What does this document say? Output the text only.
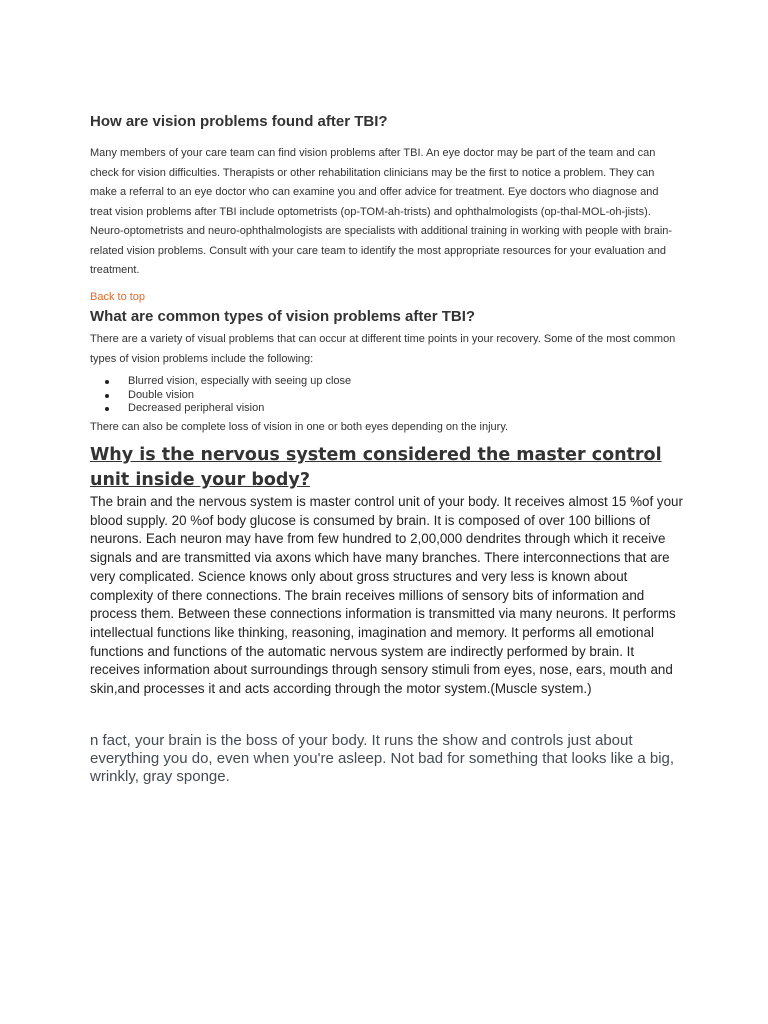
How are vision problems found after TBI?

Many members of your care team can find vision problems after TBI. An eye doctor may be part of the team and can check for vision difficulties. Therapists or other rehabilitation clinicians may be the first to notice a problem. They can make a referral to an eye doctor who can examine you and offer advice for treatment. Eye doctors who diagnose and treat vision problems after TBI include optometrists (op-TOM-ah-trists) and ophthalmologists (op-thal-MOL-oh-jists). Neuro-optometrists and neuro-ophthalmologists are specialists with additional training in working with people with brain-related vision problems. Consult with your care team to identify the most appropriate resources for your evaluation and treatment.

Back to top
What are common types of vision problems after TBI?

There are a variety of visual problems that can occur at different time points in your recovery. Some of the most common types of vision problems include the following:

Blurred vision, especially with seeing up close
Double vision
Decreased peripheral vision

There can also be complete loss of vision in one or both eyes depending on the injury.

Why is the nervous system considered the master control unit inside your body?

The brain and the nervous system is master control unit of your body. It receives almost 15 %of your blood supply. 20 %of body glucose is consumed by brain. It is composed of over 100 billions of neurons. Each neuron may have from few hundred to 2,00,000 dendrites through which it receive signals and are transmitted via axons which have many branches. There interconnections that are very complicated. Science knows only about gross structures and very less is known about complexity of there connections. The brain receives millions of sensory bits of information and process them. Between these connections information is transmitted via many neurons. It performs intellectual functions like thinking, reasoning, imagination and memory. It performs all emotional functions and functions of the automatic nervous system are indirectly performed by brain. It receives information about surroundings through sensory stimuli from eyes, nose, ears, mouth and skin,and processes it and acts according through the motor system.(Muscle system.)

n fact, your brain is the boss of your body. It runs the show and controls just about everything you do, even when you're asleep. Not bad for something that looks like a big, wrinkly, gray sponge.
